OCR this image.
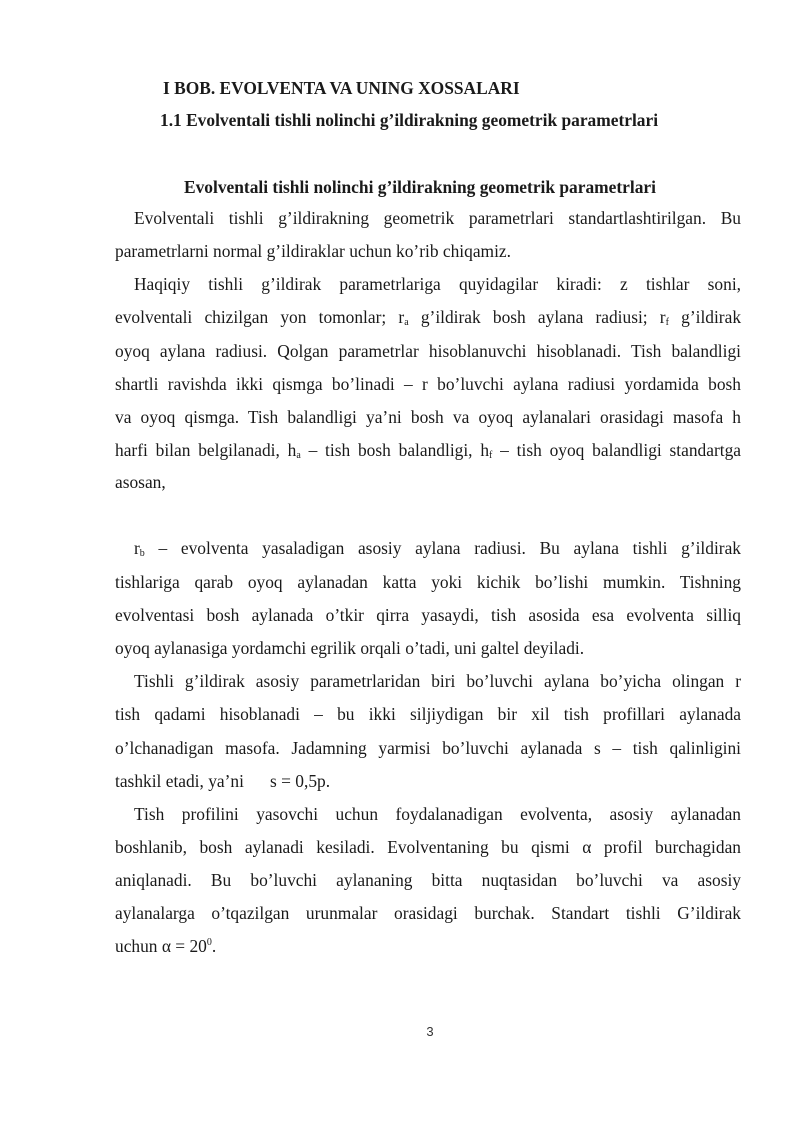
I BOB. EVOLVENTA VA UNING XOSSALARI
1.1 Evolventali tishli nolinchi g’ildirakning geometrik parametrlari
Evolventali tishli nolinchi g’ildirakning geometrik parametrlari
Evolventali tishli g’ildirakning geometrik parametrlari standartlashtirilgan. Bu
parametrlarni normal g’ildiraklar uchun ko’rib chiqamiz.
Haqiqiy tishli g’ildirak parametrlariga quyidagilar kiradi: z tishlar soni,
evolventali chizilgan yon tomonlar; $r_a$ g’ildirak bosh aylana radiusi; $r_f$ g’ildirak
oyoq aylana radiusi. Qolgan parametrlar hisoblanuvchi hisoblanadi. Tish balandligi
shartli ravishda ikki qismga bo’linadi – r bo’luvchi aylana radiusi yordamida bosh
va oyoq qismga. Tish balandligi ya’ni bosh va oyoq aylanalari orasidagi masofa h
harfi bilan belgilanadi, $h_a$ – tish bosh balandligi, $h_f$ – tish oyoq balandligi standartga
asosan,
$r_b$ – evolventa yasaladigan asosiy aylana radiusi. Bu aylana tishli g’ildirak
tishlariga qarab oyoq aylanadan katta yoki kichik bo’lishi mumkin. Tishning
evolventasi bosh aylanada o’tkir qirra yasaydi, tish asosida esa evolventa silliq
oyoq aylanasiga yordamchi egrilik orqali o’tadi, uni galtel deyiladi.
Tishli g’ildirak asosiy parametrlaridan biri bo’luvchi aylana bo’yicha olingan r
tish qadami hisoblanadi – bu ikki siljiydigan bir xil tish profillari aylanada
o’lchanadigan masofa. Jadamning yarmisi bo’luvchi aylanada s – tish qalinligini
tashkil etadi, ya’ni      s = 0,5p.
Tish profilini yasovchi uchun foydalanadigan evolventa, asosiy aylanadan
boshlanib, bosh aylanadi kesiladi. Evolventaning bu qismi α profil burchagidan
aniqlanadi. Bu bo’luvchi aylananing bitta nuqtasidan bo’luvchi va asosiy
aylanalarga o’tqazilgan urunmalar orasidagi burchak. Standart tishli G’ildirak
uchun $\alpha = 20^0$.
3
